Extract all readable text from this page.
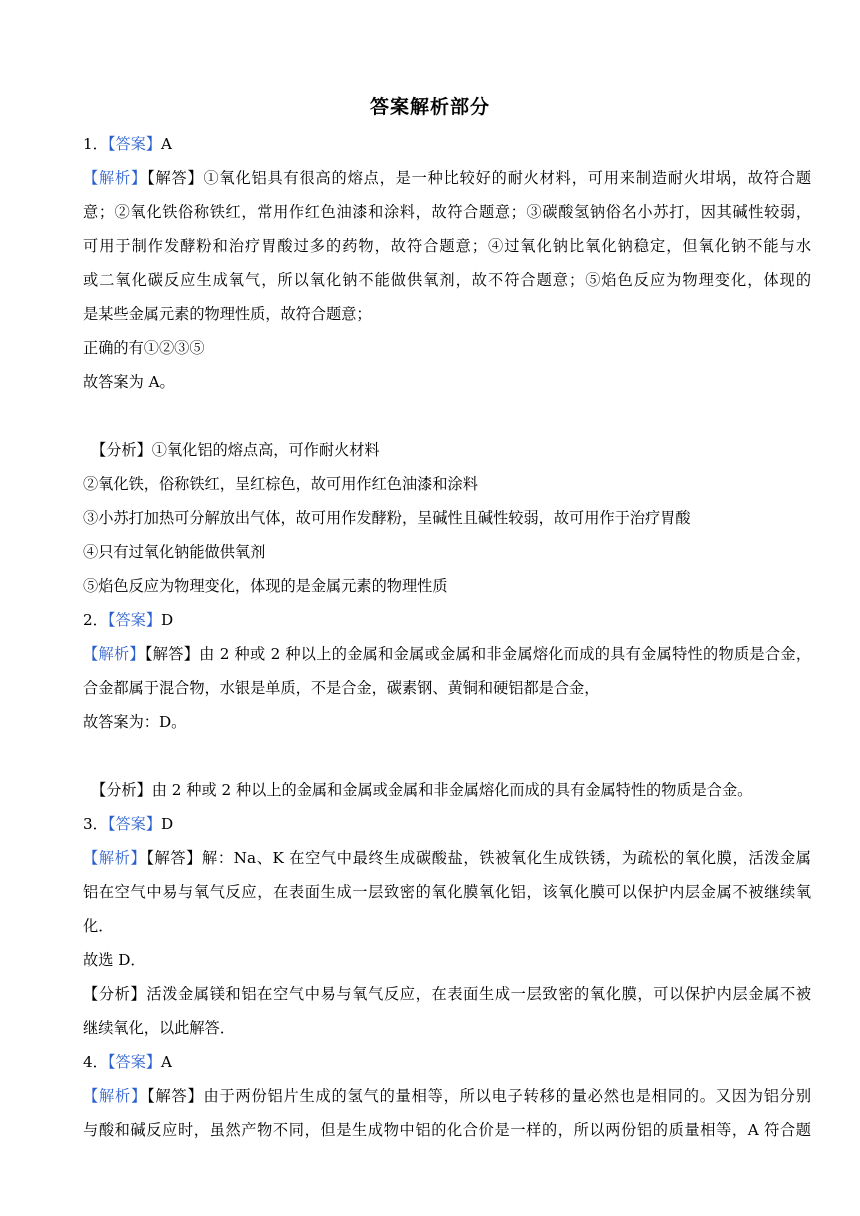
答案解析部分
1．【答案】A
【解析】【解答】①氧化铝具有很高的熔点，是一种比较好的耐火材料，可用来制造耐火坩埚，故符合题
意；②氧化铁俗称铁红，常用作红色油漆和涂料，故符合题意；③碳酸氢钠俗名小苏打，因其碱性较弱，
可用于制作发酵粉和治疗胃酸过多的药物，故符合题意；④过氧化钠比氧化钠稳定，但氧化钠不能与水
或二氧化碳反应生成氧气，所以氧化钠不能做供氧剂，故不符合题意；⑤焰色反应为物理变化，体现的
是某些金属元素的物理性质，故符合题意；
正确的有①②③⑤
故答案为 A。
【分析】①氧化铝的熔点高，可作耐火材料
②氧化铁，俗称铁红，呈红棕色，故可用作红色油漆和涂料
③小苏打加热可分解放出气体，故可用作发酵粉，呈碱性且碱性较弱，故可用作于治疗胃酸
④只有过氧化钠能做供氧剂
⑤焰色反应为物理变化，体现的是金属元素的物理性质
2．【答案】D
【解析】【解答】由 2 种或 2 种以上的金属和金属或金属和非金属熔化而成的具有金属特性的物质是合金，
合金都属于混合物，水银是单质，不是合金，碳素钢、黄铜和硬铝都是合金，
故答案为：D。
【分析】由 2 种或 2 种以上的金属和金属或金属和非金属熔化而成的具有金属特性的物质是合金。
3．【答案】D
【解析】【解答】解：Na、K 在空气中最终生成碳酸盐，铁被氧化生成铁锈，为疏松的氧化膜，活泼金属
铝在空气中易与氧气反应，在表面生成一层致密的氧化膜氧化铝，该氧化膜可以保护内层金属不被继续氧
化．
故选 D．
【分析】活泼金属镁和铝在空气中易与氧气反应，在表面生成一层致密的氧化膜，可以保护内层金属不被
继续氧化，以此解答．
4．【答案】A
【解析】【解答】由于两份铝片生成的氢气的量相等，所以电子转移的量必然也是相同的。又因为铝分别
与酸和碱反应时，虽然产物不同，但是生成物中铝的化合价是一样的，所以两份铝的质量相等，A 符合题
